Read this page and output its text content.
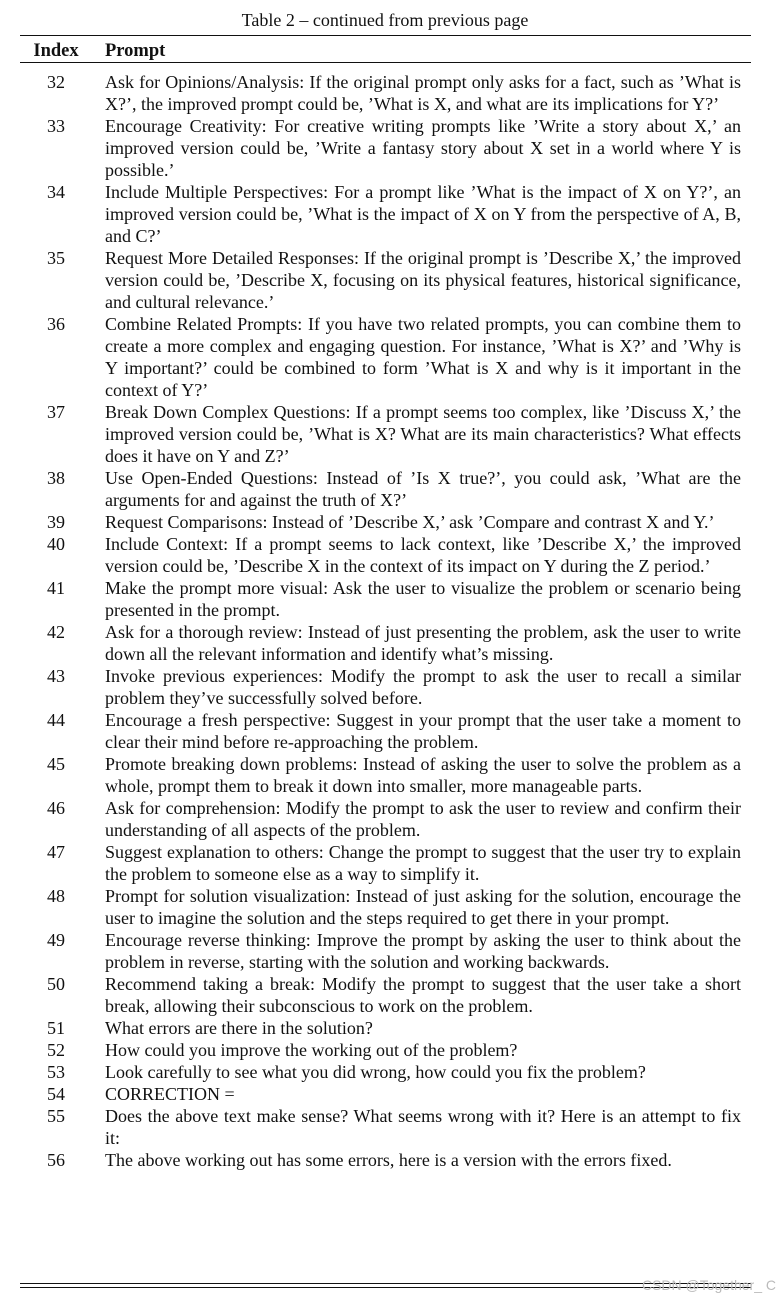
Table 2 – continued from previous page
Index	Prompt
32	Ask for Opinions/Analysis: If the original prompt only asks for a fact, such as ’What is X?’, the improved prompt could be, ’What is X, and what are its implications for Y?’
33	Encourage Creativity: For creative writing prompts like ’Write a story about X,’ an improved version could be, ’Write a fantasy story about X set in a world where Y is possible.’
34	Include Multiple Perspectives: For a prompt like ’What is the impact of X on Y?’, an improved version could be, ’What is the impact of X on Y from the perspective of A, B, and C?’
35	Request More Detailed Responses: If the original prompt is ’Describe X,’ the improved version could be, ’Describe X, focusing on its physical features, historical significance, and cultural relevance.’
36	Combine Related Prompts: If you have two related prompts, you can combine them to create a more complex and engaging question. For instance, ’What is X?’ and ’Why is Y important?’ could be combined to form ’What is X and why is it important in the context of Y?’
37	Break Down Complex Questions: If a prompt seems too complex, like ’Discuss X,’ the improved version could be, ’What is X? What are its main characteristics? What effects does it have on Y and Z?’
38	Use Open-Ended Questions: Instead of ’Is X true?’, you could ask, ’What are the arguments for and against the truth of X?’
39	Request Comparisons: Instead of ’Describe X,’ ask ’Compare and contrast X and Y.’
40	Include Context: If a prompt seems to lack context, like ’Describe X,’ the improved version could be, ’Describe X in the context of its impact on Y during the Z period.’
41	Make the prompt more visual: Ask the user to visualize the problem or scenario being presented in the prompt.
42	Ask for a thorough review: Instead of just presenting the problem, ask the user to write down all the relevant information and identify what’s missing.
43	Invoke previous experiences: Modify the prompt to ask the user to recall a similar problem they’ve successfully solved before.
44	Encourage a fresh perspective: Suggest in your prompt that the user take a moment to clear their mind before re-approaching the problem.
45	Promote breaking down problems: Instead of asking the user to solve the problem as a whole, prompt them to break it down into smaller, more manageable parts.
46	Ask for comprehension: Modify the prompt to ask the user to review and confirm their understanding of all aspects of the problem.
47	Suggest explanation to others: Change the prompt to suggest that the user try to explain the problem to someone else as a way to simplify it.
48	Prompt for solution visualization: Instead of just asking for the solution, encourage the user to imagine the solution and the steps required to get there in your prompt.
49	Encourage reverse thinking: Improve the prompt by asking the user to think about the problem in reverse, starting with the solution and working backwards.
50	Recommend taking a break: Modify the prompt to suggest that the user take a short break, allowing their subconscious to work on the problem.
51	What errors are there in the solution?
52	How could you improve the working out of the problem?
53	Look carefully to see what you did wrong, how could you fix the problem?
54	CORRECTION =
55	Does the above text make sense? What seems wrong with it? Here is an attempt to fix it:
56	The above working out has some errors, here is a version with the errors fixed.
CSDN @Together_ C
